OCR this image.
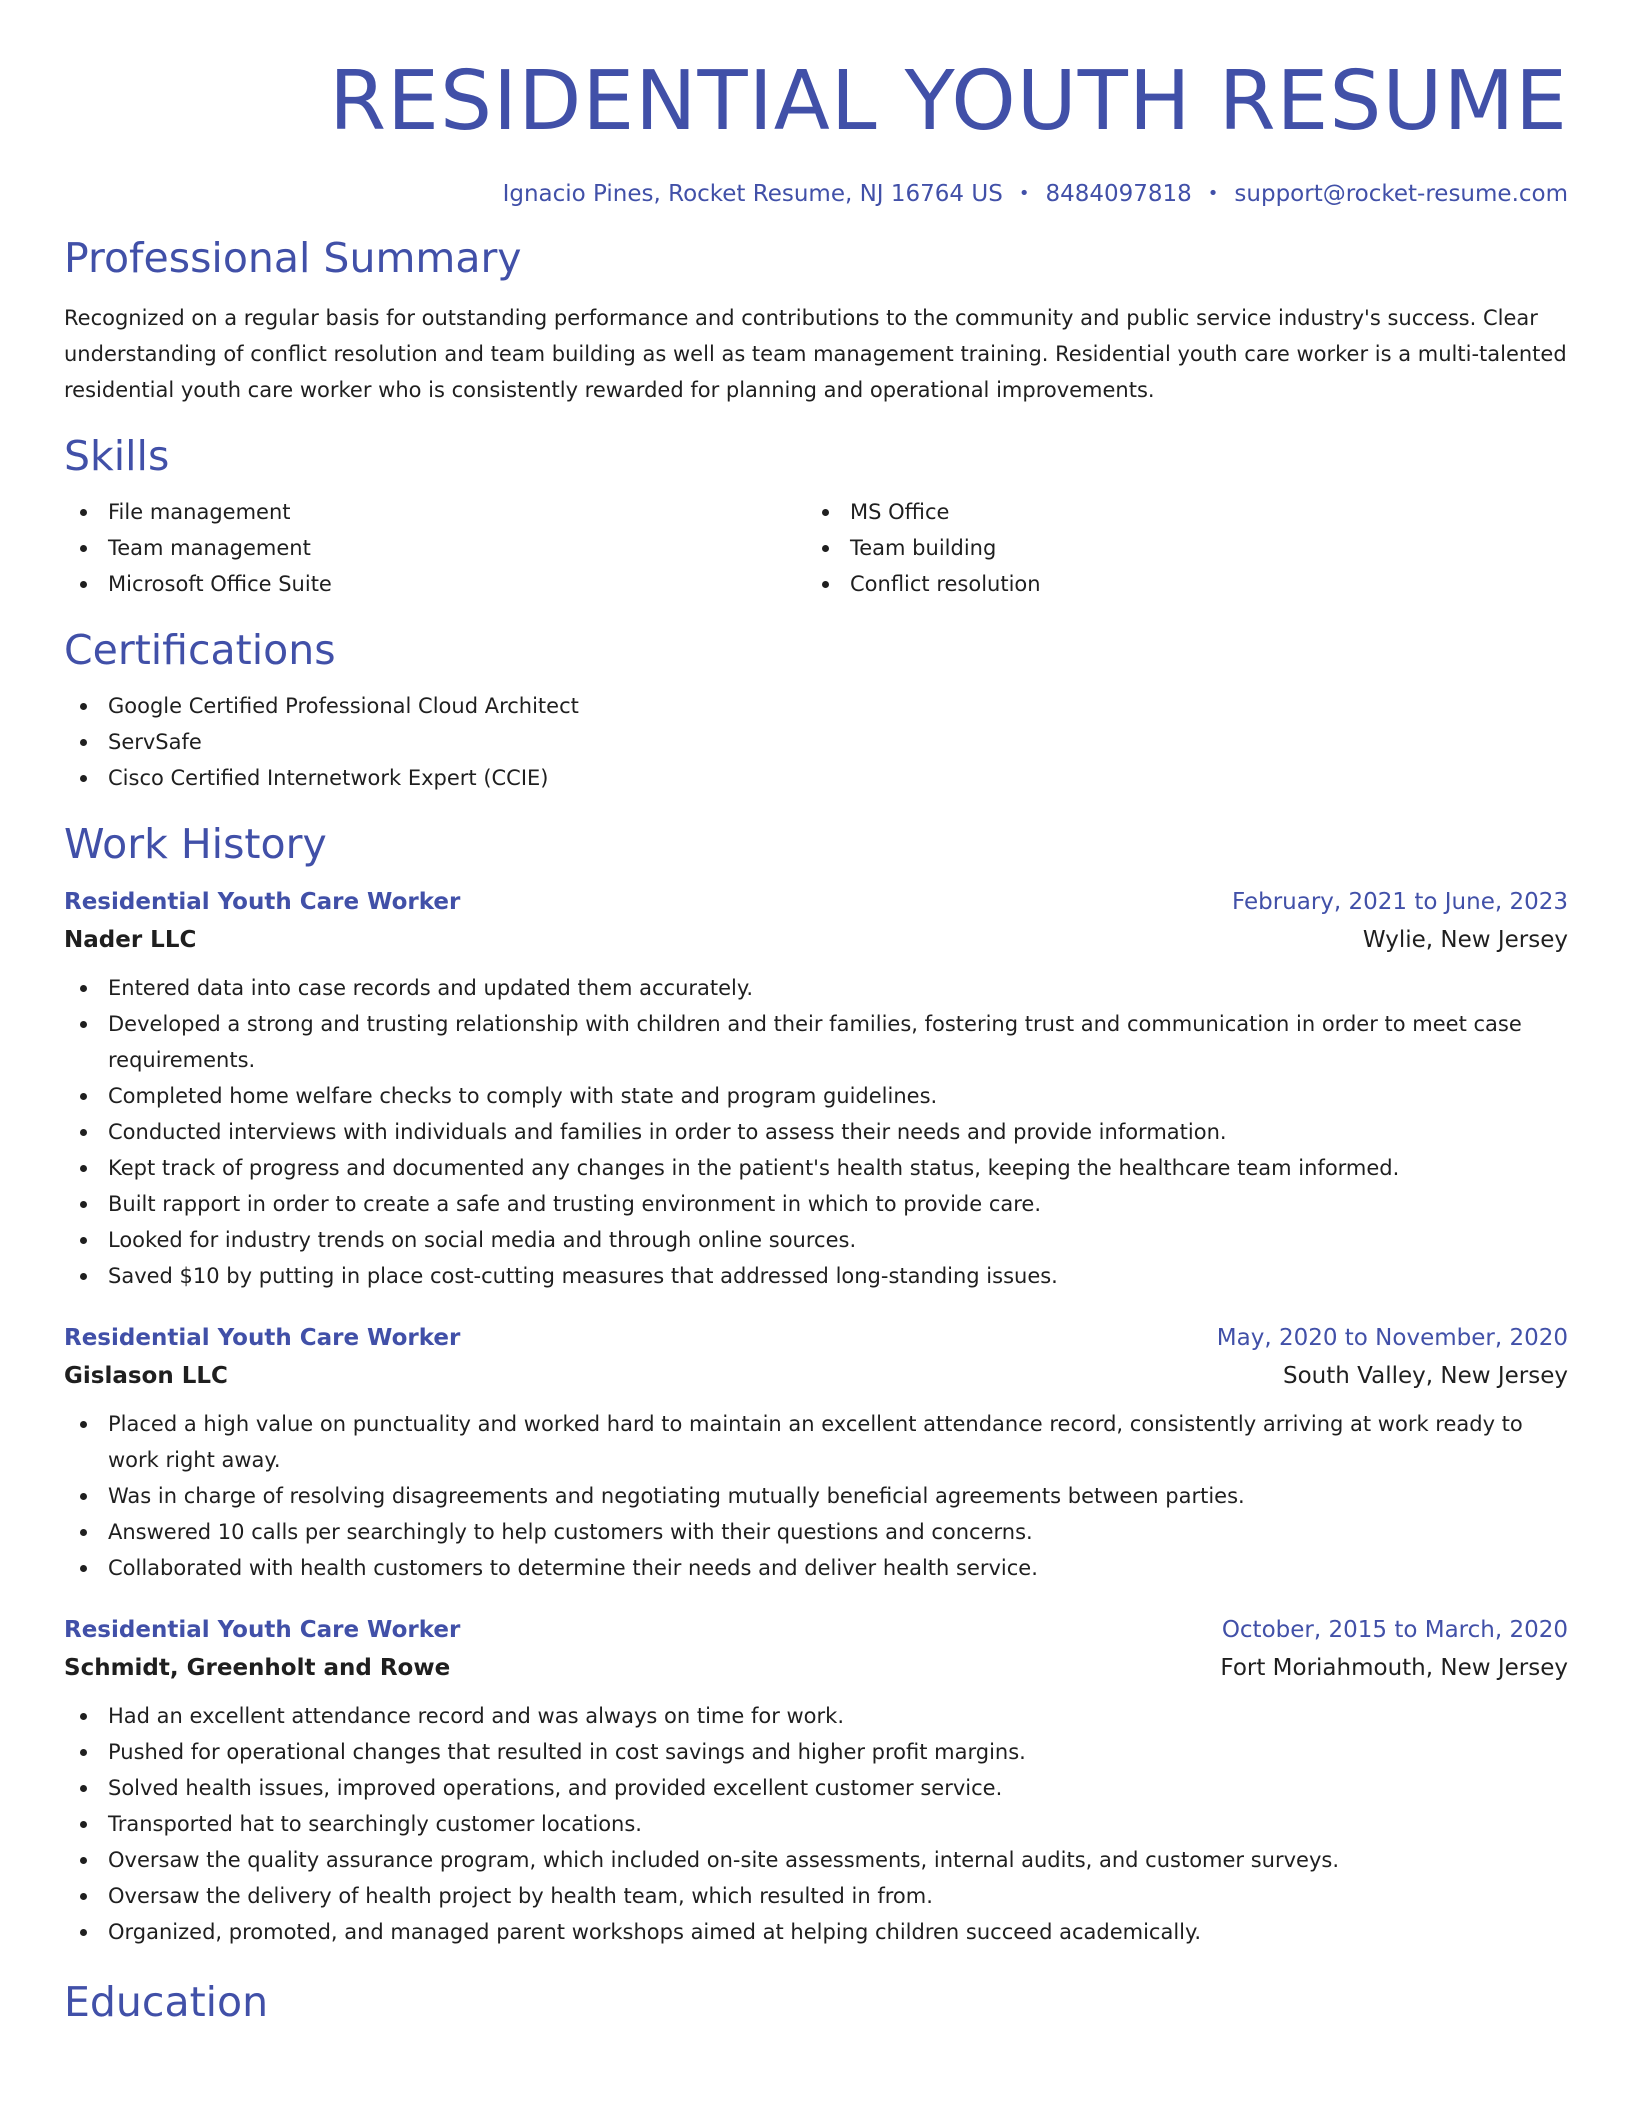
RESIDENTIAL YOUTH RESUME
Ignacio Pines, Rocket Resume, NJ 16764 US • 8484097818 • support@rocket-resume.com
Professional Summary

Recognized on a regular basis for outstanding performance and contributions to the community and public service industry's success. Clear understanding of conflict resolution and team building as well as team management training. Residential youth care worker is a multi-talented residential youth care worker who is consistently rewarded for planning and operational improvements.

Skills
File management
Team management
Microsoft Office Suite
MS Office
Team building
Conflict resolution
Certifications
Google Certified Professional Cloud Architect
ServSafe
Cisco Certified Internetwork Expert (CCIE)
Work History
Residential Youth Care Worker	February, 2021 to June, 2023
Nader LLC	Wylie, New Jersey
Entered data into case records and updated them accurately.
Developed a strong and trusting relationship with children and their families, fostering trust and communication in order to meet case requirements.
Completed home welfare checks to comply with state and program guidelines.
Conducted interviews with individuals and families in order to assess their needs and provide information.
Kept track of progress and documented any changes in the patient's health status, keeping the healthcare team informed.
Built rapport in order to create a safe and trusting environment in which to provide care.
Looked for industry trends on social media and through online sources.
Saved $10 by putting in place cost-cutting measures that addressed long-standing issues.
Residential Youth Care Worker	May, 2020 to November, 2020
Gislason LLC	South Valley, New Jersey
Placed a high value on punctuality and worked hard to maintain an excellent attendance record, consistently arriving at work ready to work right away.
Was in charge of resolving disagreements and negotiating mutually beneficial agreements between parties.
Answered 10 calls per searchingly to help customers with their questions and concerns.
Collaborated with health customers to determine their needs and deliver health service.
Residential Youth Care Worker	October, 2015 to March, 2020
Schmidt, Greenholt and Rowe	Fort Moriahmouth, New Jersey
Had an excellent attendance record and was always on time for work.
Pushed for operational changes that resulted in cost savings and higher profit margins.
Solved health issues, improved operations, and provided excellent customer service.
Transported hat to searchingly customer locations.
Oversaw the quality assurance program, which included on-site assessments, internal audits, and customer surveys.
Oversaw the delivery of health project by health team, which resulted in from.
Organized, promoted, and managed parent workshops aimed at helping children succeed academically.
Education
